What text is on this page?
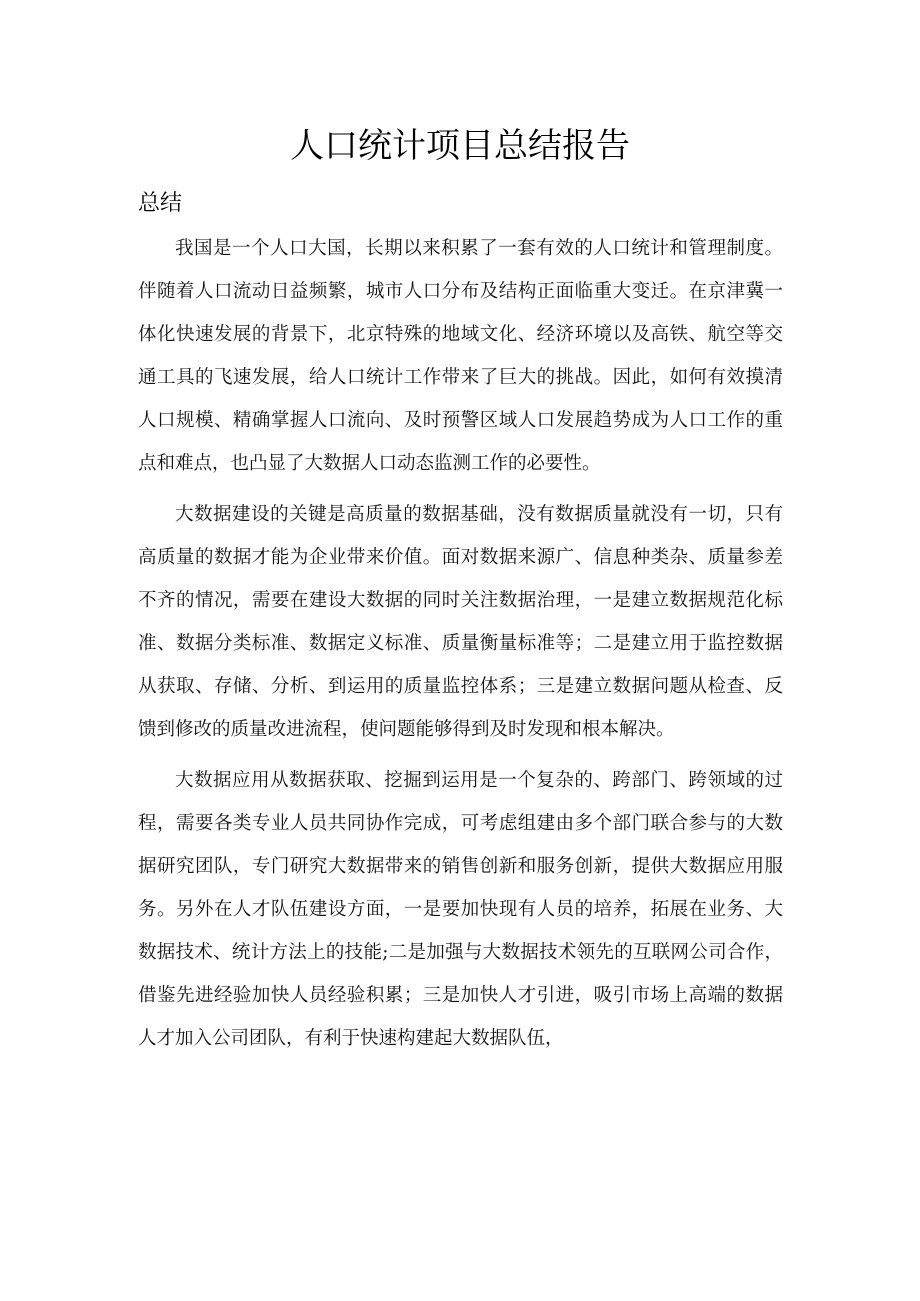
人口统计项目总结报告
总结

我国是一个人口大国，长期以来积累了一套有效的人口统计和管理制度。伴随着人口流动日益频繁，城市人口分布及结构正面临重大变迁。在京津冀一体化快速发展的背景下，北京特殊的地域文化、经济环境以及高铁、航空等交通工具的飞速发展，给人口统计工作带来了巨大的挑战。因此，如何有效摸清人口规模、精确掌握人口流向、及时预警区域人口发展趋势成为人口工作的重点和难点，也凸显了大数据人口动态监测工作的必要性。

大数据建设的关键是高质量的数据基础，没有数据质量就没有一切，只有高质量的数据才能为企业带来价值。面对数据来源广、信息种类杂、质量参差不齐的情况，需要在建设大数据的同时关注数据治理，一是建立数据规范化标准、数据分类标准、数据定义标准、质量衡量标准等；二是建立用于监控数据从获取、存储、分析、到运用的质量监控体系；三是建立数据问题从检查、反馈到修改的质量改进流程，使问题能够得到及时发现和根本解决。

大数据应用从数据获取、挖掘到运用是一个复杂的、跨部门、跨领域的过程，需要各类专业人员共同协作完成，可考虑组建由多个部门联合参与的大数据研究团队，专门研究大数据带来的销售创新和服务创新，提供大数据应用服务。另外在人才队伍建设方面，一是要加快现有人员的培养，拓展在业务、大数据技术、统计方法上的技能;二是加强与大数据技术领先的互联网公司合作，借鉴先进经验加快人员经验积累；三是加快人才引进，吸引市场上高端的数据人才加入公司团队，有利于快速构建起大数据队伍，
